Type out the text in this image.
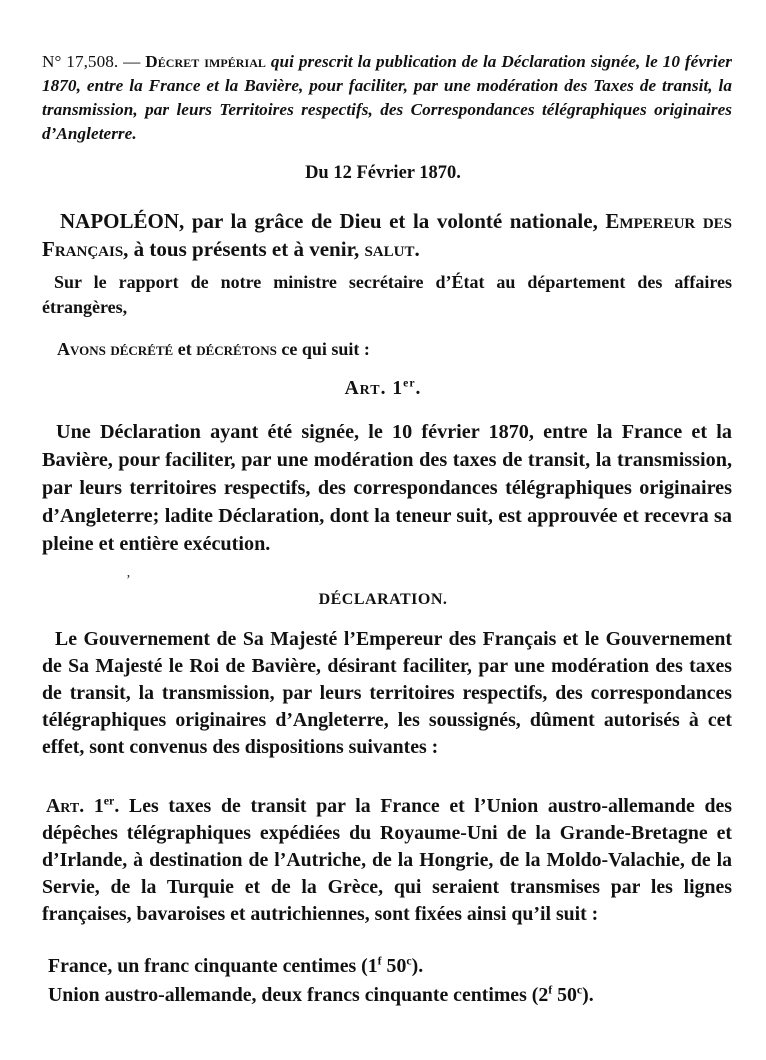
N° 17,508. — Décret impérial qui prescrit la publication de la Déclaration signée, le 10 février 1870, entre la France et la Bavière, pour faciliter, par une modération des Taxes de transit, la transmission, par leurs Territoires respectifs, des Correspondances télégraphiques originaires d’Angleterre.
Du 12 Février 1870.
NAPOLÉON, par la grâce de Dieu et la volonté nationale, Empereur des Français, à tous présents et à venir, salut.
Sur le rapport de notre ministre secrétaire d’État au département des affaires étrangères,
Avons décrété et décrétons ce qui suit :
Art. 1er.
Une Déclaration ayant été signée, le 10 février 1870, entre la France et la Bavière, pour faciliter, par une modération des taxes de transit, la transmission, par leurs territoires respectifs, des correspondances télégraphiques originaires d’Angleterre; ladite Déclaration, dont la teneur suit, est approuvée et recevra sa pleine et entière exécution.
ʼ
DÉCLARATION.
Le Gouvernement de Sa Majesté l’Empereur des Français et le Gouvernement de Sa Majesté le Roi de Bavière, désirant faciliter, par une modération des taxes de transit, la transmission, par leurs territoires respectifs, des correspondances télégraphiques originaires d’Angleterre, les soussignés, dûment autorisés à cet effet, sont convenus des dispositions suivantes :
Art. 1er. Les taxes de transit par la France et l’Union austro-allemande des dépêches télégraphiques expédiées du Royaume-Uni de la Grande-Bretagne et d’Irlande, à destination de l’Autriche, de la Hongrie, de la Moldo-Valachie, de la Servie, de la Turquie et de la Grèce, qui seraient transmises par les lignes françaises, bavaroises et autrichiennes, sont fixées ainsi qu’il suit :
France, un franc cinquante centimes (1$^f$ 50$^c$).
Union austro-allemande, deux francs cinquante centimes (2$^f$ 50$^c$).
